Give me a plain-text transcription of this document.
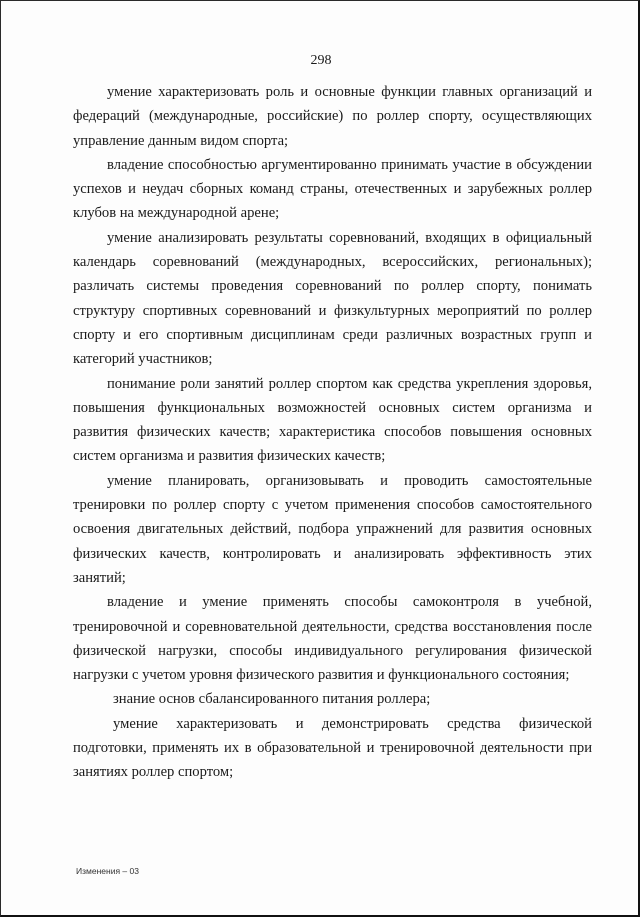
298

умение характеризовать роль и основные функции главных организаций и федераций (международные, российские) по роллер спорту, осуществляющих управление данным видом спорта;

владение способностью аргументированно принимать участие в обсуждении успехов и неудач сборных команд страны, отечественных и зарубежных роллер клубов на международной арене;

умение анализировать результаты соревнований, входящих в официальный календарь соревнований (международных, всероссийских, региональных); различать системы проведения соревнований по роллер спорту, понимать структуру спортивных соревнований и физкультурных мероприятий по роллер спорту и его спортивным дисциплинам среди различных возрастных групп и категорий участников;

понимание роли занятий роллер спортом как средства укрепления здоровья, повышения функциональных возможностей основных систем организма и развития физических качеств; характеристика способов повышения основных систем организма и развития физических качеств;

умение планировать, организовывать и проводить самостоятельные тренировки по роллер спорту с учетом применения способов самостоятельного освоения двигательных действий, подбора упражнений для развития основных физических качеств, контролировать и анализировать эффективность этих занятий;

владение и умение применять способы самоконтроля в учебной, тренировочной и соревновательной деятельности, средства восстановления после физической нагрузки, способы индивидуального регулирования физической нагрузки с учетом уровня физического развития и функционального состояния;

знание основ сбалансированного питания роллера;

умение характеризовать и демонстрировать средства физической подготовки, применять их в образовательной и тренировочной деятельности при занятиях роллер спортом;

Изменения – 03
